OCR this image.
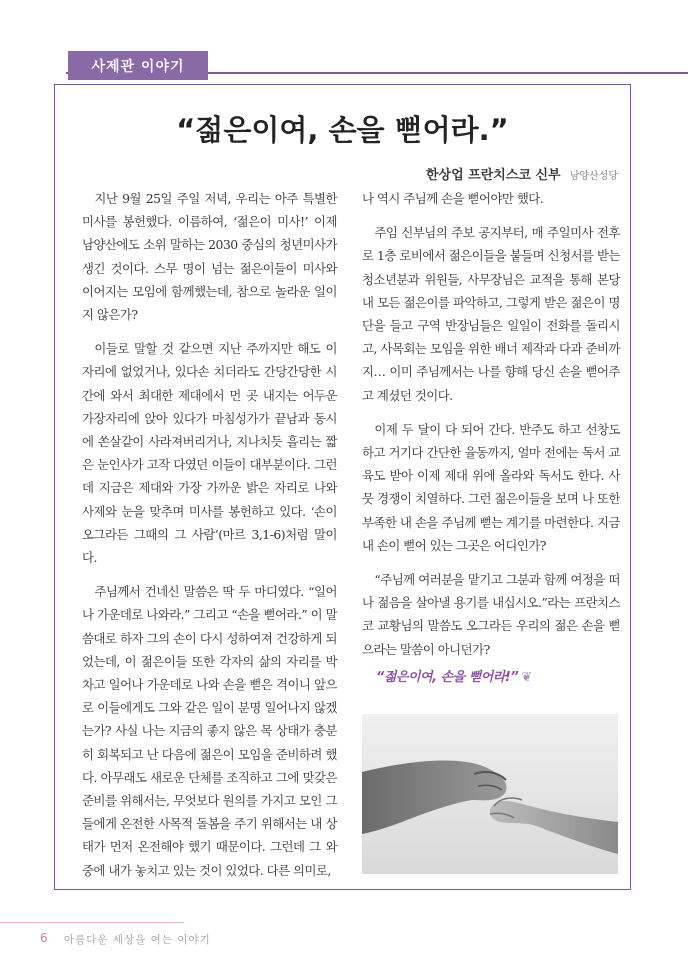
사제관 이야기
“젊은이여, 손을 뻗어라.”
한상업 프란치스코 신부 남양산성당

지난 9월 25일 주일 저녁, 우리는 아주 특별한 미사를 봉헌했다. 이름하여, ‘젊은이 미사!’ 이제 남양산에도 소위 말하는 2030 중심의 청년미사가 생긴 것이다. 스무 명이 넘는 젊은이들이 미사와 이어지는 모임에 함께했는데, 참으로 놀라운 일이지 않은가?

이들로 말할 것 같으면 지난 주까지만 해도 이 자리에 없었거나, 있다손 치더라도 간당간당한 시간에 와서 최대한 제대에서 먼 곳 내지는 어두운 가장자리에 앉아 있다가 마침성가가 끝남과 동시에 쏜살같이 사라져버리거나, 지나치듯 흘리는 짧은 눈인사가 고작 다였던 이들이 대부분이다. 그런데 지금은 제대와 가장 가까운 밝은 자리로 나와 사제와 눈을 맞추며 미사를 봉헌하고 있다. ‘손이 오그라든 그때의 그 사람’(마르 3,1-6)처럼 말이다.

주님께서 건네신 말씀은 딱 두 마디였다. “일어나 가운데로 나와라.” 그리고 “손을 뻗어라.” 이 말씀대로 하자 그의 손이 다시 성하여져 건강하게 되었는데, 이 젊은이들 또한 각자의 삶의 자리를 박차고 일어나 가운데로 나와 손을 뻗은 격이니 앞으로 이들에게도 그와 같은 일이 분명 일어나지 않겠는가? 사실 나는 지금의 좋지 않은 목 상태가 충분히 회복되고 난 다음에 젊은이 모임을 준비하려 했다. 아무래도 새로운 단체를 조직하고 그에 맞갖은 준비를 위해서는, 무엇보다 원의를 가지고 모인 그들에게 온전한 사목적 돌봄을 주기 위해서는 내 상태가 먼저 온전해야 했기 때문이다. 그런데 그 와중에 내가 놓치고 있는 것이 있었다. 다른 의미로,

나 역시 주님께 손을 뻗어야만 했다.

주임 신부님의 주보 공지부터, 매 주일미사 전후로 1층 로비에서 젊은이들을 붙들며 신청서를 받는 청소년분과 위원들, 사무장님은 교적을 통해 본당 내 모든 젊은이를 파악하고, 그렇게 받은 젊은이 명단을 들고 구역 반장님들은 일일이 전화를 돌리시고, 사목회는 모임을 위한 배너 제작과 다과 준비까지… 이미 주님께서는 나를 향해 당신 손을 뻗어주고 계셨던 것이다.

이제 두 달이 다 되어 간다. 반주도 하고 선창도 하고 거기다 간단한 율동까지, 얼마 전에는 독서 교육도 받아 이제 제대 위에 올라와 독서도 한다. 사뭇 경쟁이 치열하다. 그런 젊은이들을 보며 나 또한 부족한 내 손을 주님께 뻗는 계기를 마련한다. 지금 내 손이 뻗어 있는 그곳은 어디인가?

“주님께 여러분을 맡기고 그분과 함께 여정을 떠나 젊음을 살아낼 용기를 내십시오.”라는 프란치스코 교황님의 말씀도 오그라든 우리의 젊은 손을 뻗으라는 말씀이 아니던가?

“젊은이여, 손을 뻗어라!” ❦
6 아름다운 세상을 여는 이야기
